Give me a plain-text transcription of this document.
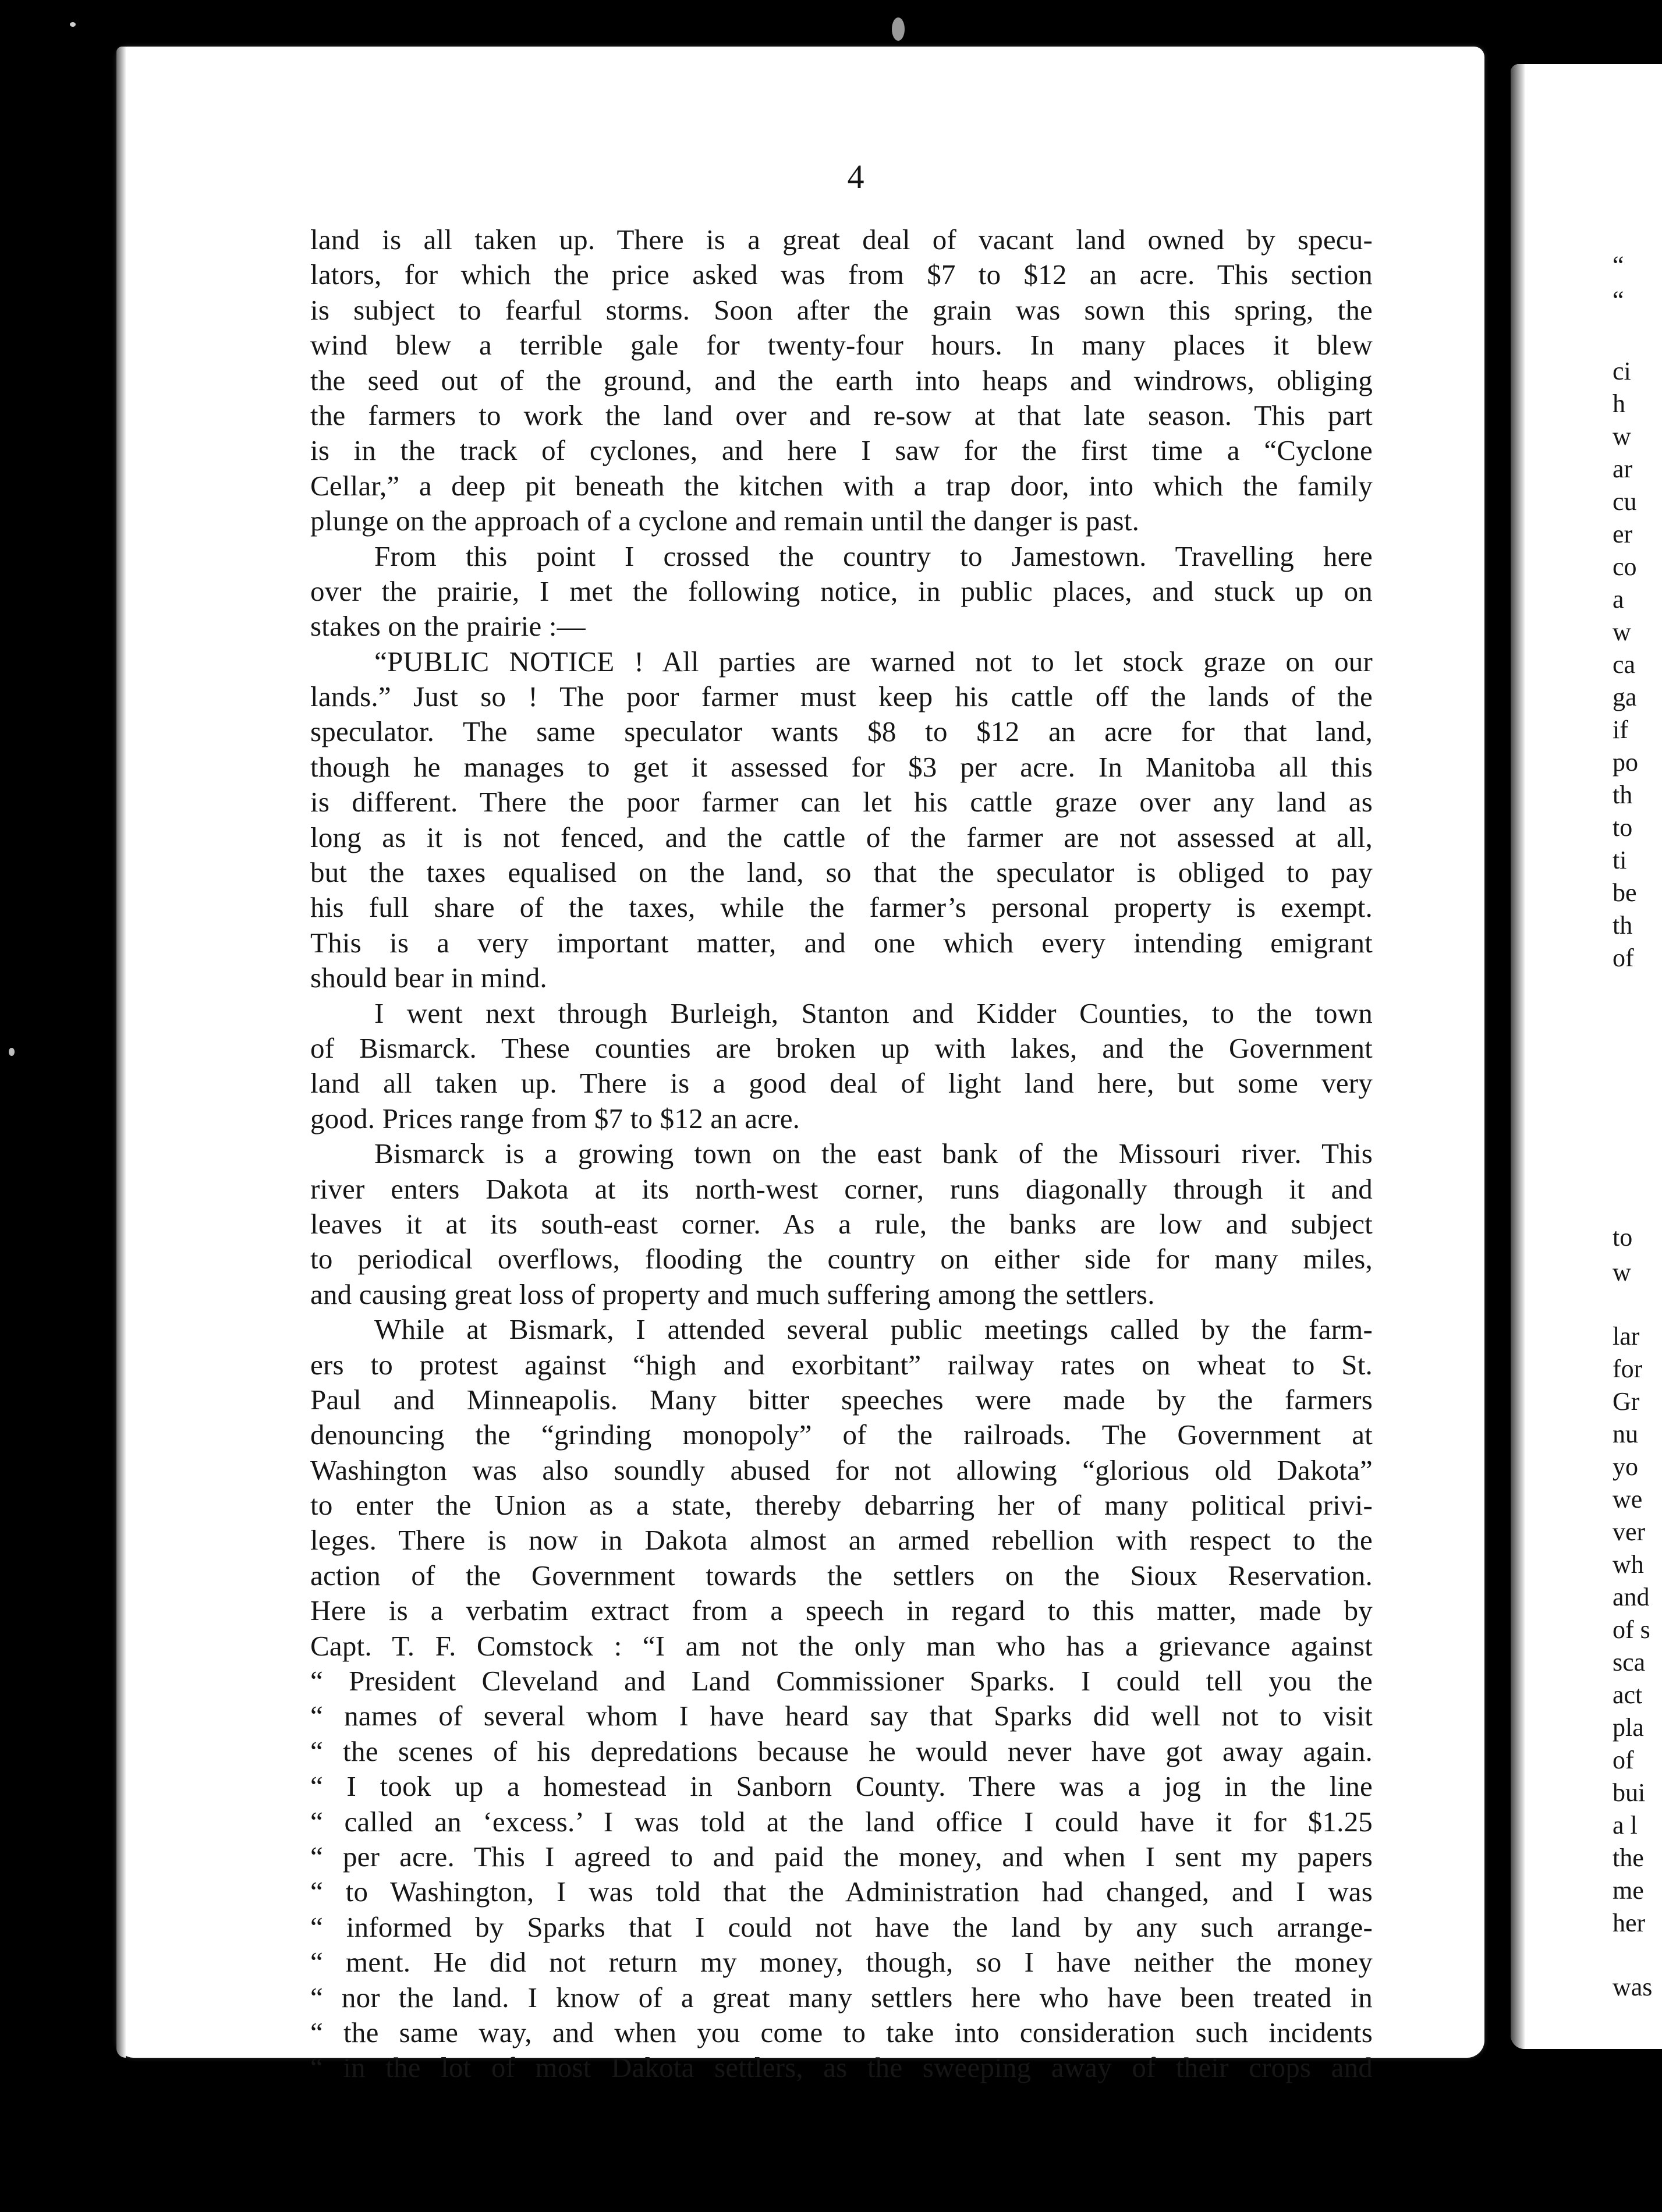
4
land is all taken up. There is a great deal of vacant land owned by specu-
lators, for which the price asked was from $7 to $12 an acre. This section
is subject to fearful storms. Soon after the grain was sown this spring, the
wind blew a terrible gale for twenty-four hours. In many places it blew
the seed out of the ground, and the earth into heaps and windrows, obliging
the farmers to work the land over and re-sow at that late season. This part
is in the track of cyclones, and here I saw for the first time a “Cyclone
Cellar,” a deep pit beneath the kitchen with a trap door, into which the family
plunge on the approach of a cyclone and remain until the danger is past.
From this point I crossed the country to Jamestown. Travelling here
over the prairie, I met the following notice, in public places, and stuck up on
stakes on the prairie :—
“PUBLIC NOTICE ! All parties are warned not to let stock graze on our
lands.” Just so ! The poor farmer must keep his cattle off the lands of the
speculator. The same speculator wants $8 to $12 an acre for that land,
though he manages to get it assessed for $3 per acre. In Manitoba all this
is different. There the poor farmer can let his cattle graze over any land as
long as it is not fenced, and the cattle of the farmer are not assessed at all,
but the taxes equalised on the land, so that the speculator is obliged to pay
his full share of the taxes, while the farmer’s personal property is exempt.
This is a very important matter, and one which every intending emigrant
should bear in mind.
I went next through Burleigh, Stanton and Kidder Counties, to the town
of Bismarck. These counties are broken up with lakes, and the Government
land all taken up. There is a good deal of light land here, but some very
good. Prices range from $7 to $12 an acre.
Bismarck is a growing town on the east bank of the Missouri river. This
river enters Dakota at its north-west corner, runs diagonally through it and
leaves it at its south-east corner. As a rule, the banks are low and subject
to periodical overflows, flooding the country on either side for many miles,
and causing great loss of property and much suffering among the settlers.
While at Bismark, I attended several public meetings called by the farm-
ers to protest against “high and exorbitant” railway rates on wheat to St.
Paul and Minneapolis. Many bitter speeches were made by the farmers
denouncing the “grinding monopoly” of the railroads. The Government at
Washington was also soundly abused for not allowing “glorious old Dakota”
to enter the Union as a state, thereby debarring her of many political privi-
leges. There is now in Dakota almost an armed rebellion with respect to the
action of the Government towards the settlers on the Sioux Reservation.
Here is a verbatim extract from a speech in regard to this matter, made by
Capt. T. F. Comstock : “I am not the only man who has a grievance against
“ President Cleveland and Land Commissioner Sparks. I could tell you the
“ names of several whom I have heard say that Sparks did well not to visit
“ the scenes of his depredations because he would never have got away again.
“ I took up a homestead in Sanborn County. There was a jog in the line
“ called an ‘excess.’ I was told at the land office I could have it for $1.25
“ per acre. This I agreed to and paid the money, and when I sent my papers
“ to Washington, I was told that the Administration had changed, and I was
“ informed by Sparks that I could not have the land by any such arrange-
“ ment. He did not return my money, though, so I have neither the money
“ nor the land. I know of a great many settlers here who have been treated in
“ the same way, and when you come to take into consideration such incidents
“ in the lot of most Dakota settlers, as the sweeping away of their crops and
“
“
ci
h
w
ar
cu
er
co
a
w
ca
ga
if
po
th
to
ti
be
th
of
to
w
lar
for
Gr
nu
yo
we
ver
wh
and
of s
sca
act
pla
of
bui
a l
the
me
her
was
